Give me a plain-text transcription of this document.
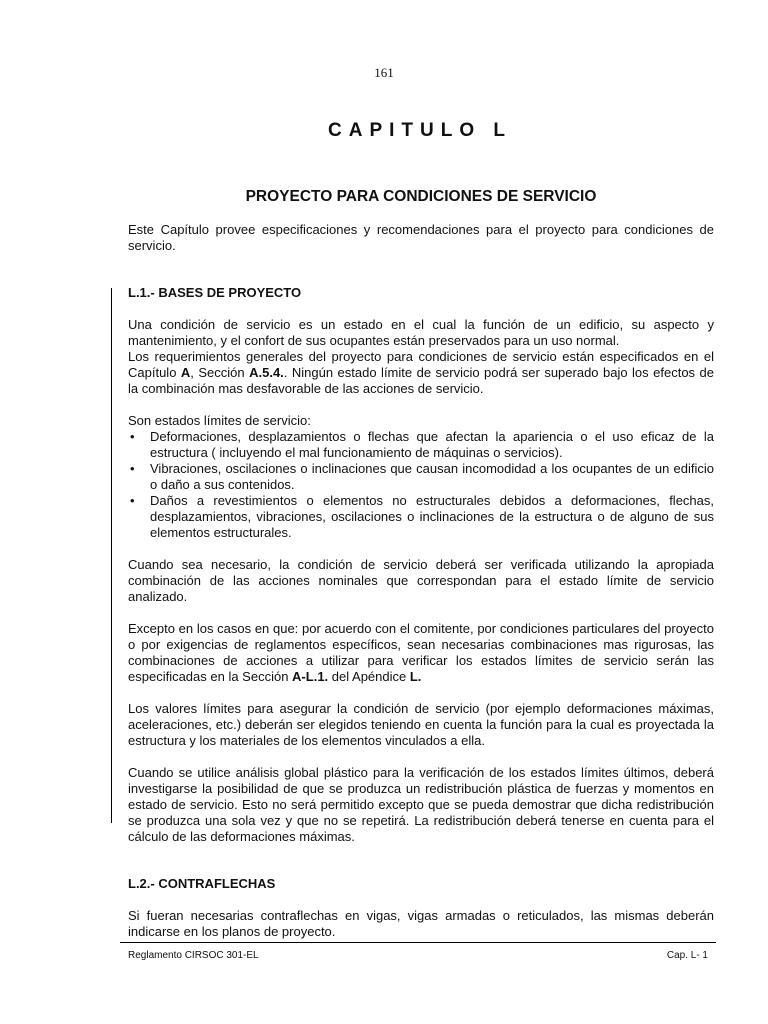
161
CAPITULO L
PROYECTO PARA CONDICIONES DE SERVICIO

Este Capítulo provee especificaciones y recomendaciones para el proyecto para condiciones de servicio.

L.1.- BASES DE PROYECTO

Una condición de servicio es un estado en el cual la función de un edificio, su aspecto y mantenimiento, y el confort de sus ocupantes están preservados para un uso normal.

Los requerimientos generales del proyecto para condiciones de servicio están especificados en el Capítulo A, Sección A.5.4.. Ningún estado límite de servicio podrá ser superado bajo los efectos de la combinación mas desfavorable de las acciones de servicio.

Son estados límites de servicio:

• Deformaciones, desplazamientos o flechas que afectan la apariencia o el uso eficaz de la estructura ( incluyendo el mal funcionamiento de máquinas o servicios).
• Vibraciones, oscilaciones o inclinaciones que causan incomodidad a los ocupantes de un edificio o daño a sus contenidos.
• Daños a revestimientos o elementos no estructurales debidos a deformaciones, flechas, desplazamientos, vibraciones, oscilaciones o inclinaciones de la estructura o de alguno de sus elementos estructurales.

Cuando sea necesario, la condición de servicio deberá ser verificada utilizando la apropiada combinación de las acciones nominales que correspondan para el estado límite de servicio analizado.

Excepto en los casos en que: por acuerdo con el comitente, por condiciones particulares del proyecto o por exigencias de reglamentos específicos, sean necesarias combinaciones mas rigurosas, las combinaciones de acciones a utilizar para verificar los estados límites de servicio serán las especificadas en la Sección A-L.1. del Apéndice L.

Los valores límites para asegurar la condición de servicio (por ejemplo deformaciones máximas, aceleraciones, etc.) deberán ser elegidos teniendo en cuenta la función para la cual es proyectada la estructura y los materiales de los elementos vinculados a ella.

Cuando se utilice análisis global plástico para la verificación de los estados límites últimos, deberá investigarse la posibilidad de que se produzca un redistribución plástica de fuerzas y momentos en estado de servicio. Esto no será permitido excepto que se pueda demostrar que dicha redistribución se produzca una sola vez y que no se repetirá. La redistribución deberá tenerse en cuenta para el cálculo de las deformaciones máximas.

L.2.- CONTRAFLECHAS

Si fueran necesarias contraflechas en vigas, vigas armadas o reticulados, las mismas deberán indicarse en los planos de proyecto.

Reglamento CIRSOC 301-EL	Cap. L- 1
